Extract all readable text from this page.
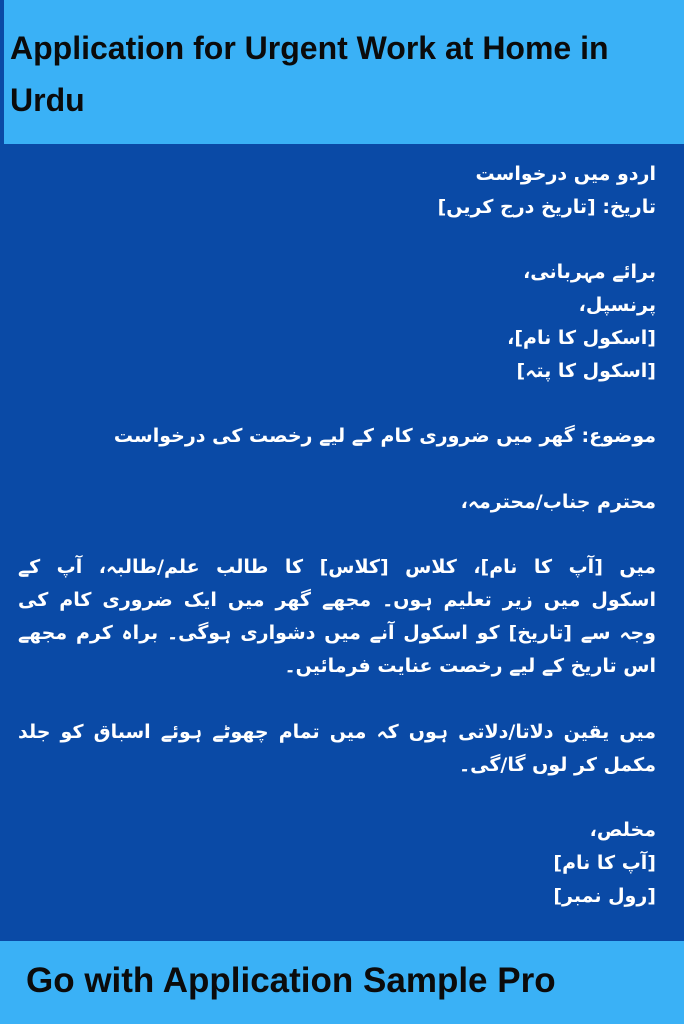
Application for Urgent Work at Home in Urdu
اردو میں درخواست
تاریخ: [تاریخ درج کریں]
برائے مہربانی،
پرنسپل،
[اسکول کا نام]،
[اسکول کا پتہ]
موضوع: گھر میں ضروری کام کے لیے رخصت کی درخواست
محترم جناب/محترمہ،
میں [آپ کا نام]، کلاس [کلاس] کا طالب علم/طالبہ، آپ کے
اسکول میں زیر تعلیم ہوں۔ مجھے گھر میں ایک ضروری کام کی
وجہ سے [تاریخ] کو اسکول آنے میں دشواری ہوگی۔ براہ کرم مجھے
اس تاریخ کے لیے رخصت عنایت فرمائیں۔
میں یقین دلاتا/دلاتی ہوں کہ میں تمام چھوٹے ہوئے اسباق کو جلد
مکمل کر لوں گا/گی۔
مخلص،
[آپ کا نام]
[رول نمبر]

Go with Application Sample Pro
